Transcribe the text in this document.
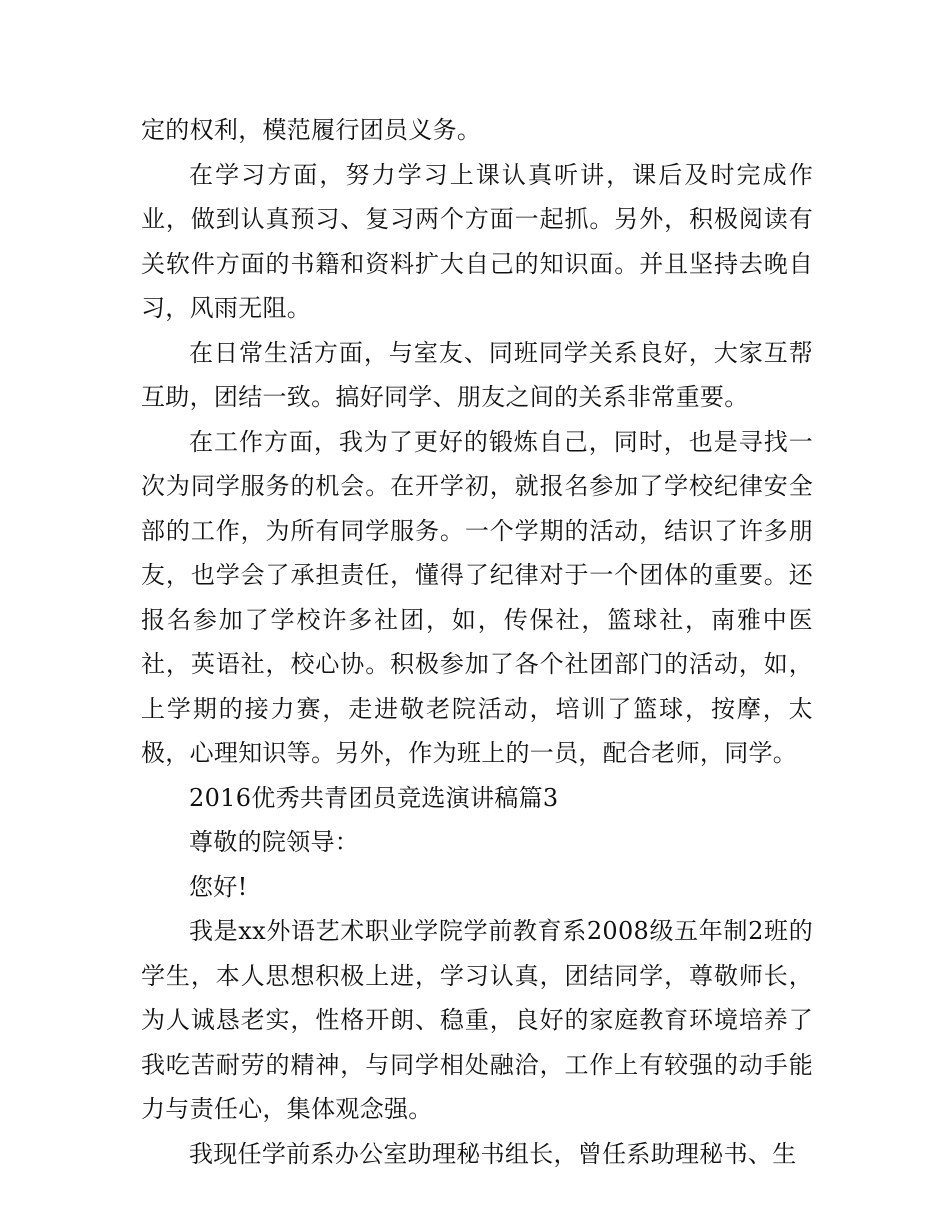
定的权利，模范履行团员义务。

在学习方面，努力学习上课认真听讲，课后及时完成作业，做到认真预习、复习两个方面一起抓。另外，积极阅读有关软件方面的书籍和资料扩大自己的知识面。并且坚持去晚自习，风雨无阻。

在日常生活方面，与室友、同班同学关系良好，大家互帮互助，团结一致。搞好同学、朋友之间的关系非常重要。

在工作方面，我为了更好的锻炼自己，同时，也是寻找一次为同学服务的机会。在开学初，就报名参加了学校纪律安全部的工作，为所有同学服务。一个学期的活动，结识了许多朋友，也学会了承担责任，懂得了纪律对于一个团体的重要。还报名参加了学校许多社团，如，传保社，篮球社，南雅中医社，英语社，校心协。积极参加了各个社团部门的活动，如，上学期的接力赛，走进敬老院活动，培训了篮球，按摩，太极，心理知识等。另外，作为班上的一员，配合老师，同学。

2016优秀共青团员竞选演讲稿篇3

尊敬的院领导：

您好!

我是xx外语艺术职业学院学前教育系2008级五年制2班的学生，本人思想积极上进，学习认真，团结同学，尊敬师长，为人诚恳老实，性格开朗、稳重，良好的家庭教育环境培养了我吃苦耐劳的精神，与同学相处融洽，工作上有较强的动手能力与责任心，集体观念强。

我现任学前系办公室助理秘书组长，曾任系助理秘书、生
